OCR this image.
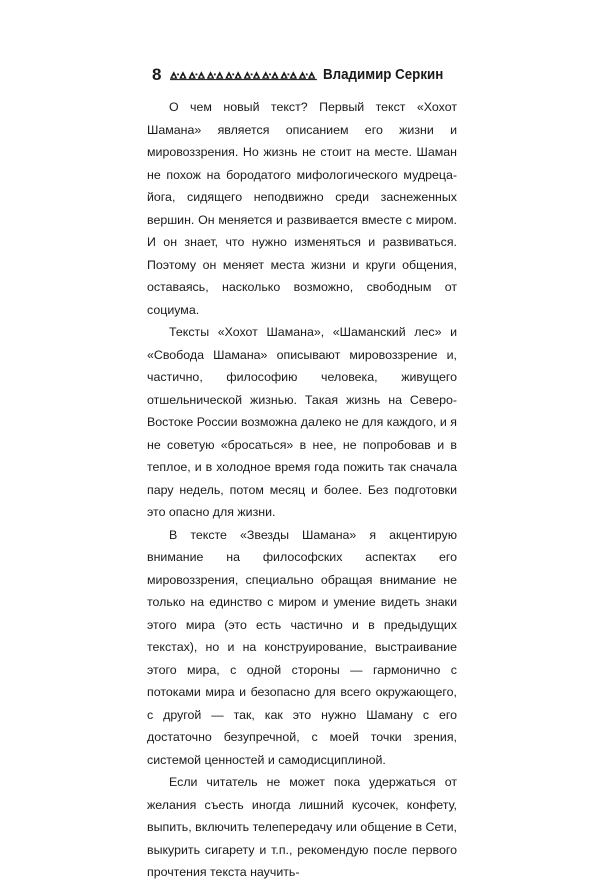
8	Владимир Серкин

О чем новый текст? Первый текст «Хохот Шамана» является описанием его жизни и мировоззрения. Но жизнь не стоит на месте. Шаман не похож на бородатого мифологического мудреца-йога, сидящего неподвижно среди заснеженных вершин. Он меняется и развивается вместе с миром. И он знает, что нужно изменяться и развиваться. Поэтому он меняет места жизни и круги общения, оставаясь, насколько возможно, свободным от социума.

Тексты «Хохот Шамана», «Шаманский лес» и «Свобода Шамана» описывают мировоззрение и, частично, философию человека, живущего отшельнической жизнью. Такая жизнь на Северо-Востоке России возможна далеко не для каждого, и я не советую «бросаться» в нее, не попробовав и в теплое, и в холодное время года пожить так сначала пару недель, потом месяц и более. Без подготовки это опасно для жизни.

В тексте «Звезды Шамана» я акцентирую внимание на философских аспектах его мировоззрения, специально обращая внимание не только на единство с миром и умение видеть знаки этого мира (это есть частично и в предыдущих текстах), но и на конструирование, выстраивание этого мира, с одной стороны — гармонично с потоками мира и безопасно для всего окружающего, с другой — так, как это нужно Шаману с его достаточно безупречной, с моей точки зрения, системой ценностей и самодисциплиной.

Если читатель не может пока удержаться от желания съесть иногда лишний кусочек, конфету, выпить, включить телепередачу или общение в Сети, выкурить сигарету и т.п., рекомендую после первого прочтения текста научить-
